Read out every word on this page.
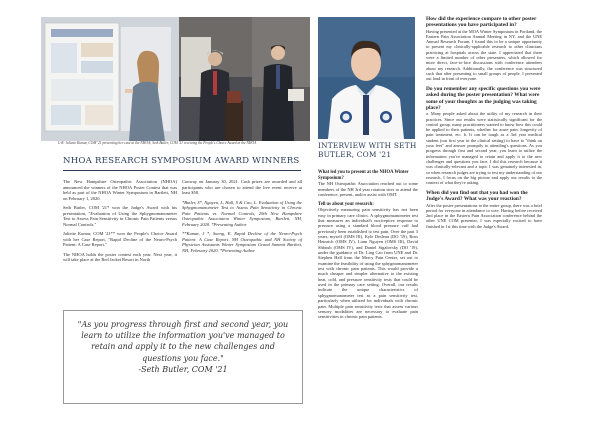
L-R: Juliette Kumar, COM '21 presenting her case at the NHOA; Seth Butler, COM '21 receiving the People's Choice Award at the NHOA
NHOA RESEARCH SYMPOSIUM AWARD WINNERS

The New Hampshire Osteopathic Association (NHOA) announced the winners of the NHOA Poster Contest that was held as part of the NHOA Winter Symposium in Bartlett, NH on February 1, 2020.

Seth Butler, COM '21* won the Judge's Award with his presentation, "Evaluation of Using the Sphygmomanometer Test to Assess Pain Sensitivity in Chronic Pain Patients versus Normal Controls."

Juliette Kumar, COM '21** won the People's Choice Award with her Case Report, "Rapid Decline of the Neuro-Psych Patient: A Case Report."

The NHOA holds the poster contest each year. Next year, it will take place at the Red Jacket Resort in North

Conway on January 30, 2021. Cash prizes are awarded and all participants who are chosen to attend the live event receive at least $50.

*Butler, S*, Nguyen, L, Hall, S & Cao, L. Evaluation of Using the Sphygmomanometer Test to Assess Pain Sensitivity in Chronic Pain Patients vs. Normal Controls, 29th New Hampshire Osteopathic Association Winter Symposium, Bartlett, NH, February 2020. *Presenting Author

**Kumar, J *, Saeng, E. Rapid Decline of the Neuro-Psych Patient: A Case Report. NH Osteopathic and NH Society of Physician Assistants Winter Symposium Grand Summit Bartlett, NH, February 2020. *Presenting Author

"As you progress through first and second year, you learn to utilize the information you've managed to retain and apply it to the new challenges and questions you face."
-Seth Butler, COM '21
INTERVIEW WITH SETH BUTLER, COM '21
What led you to present at the NHOA Winter Symposium?
The NH Osteopathic Association reached out to some members of the NH 3rd year rotation sites to attend the conference, present, and/or assist with OMT.
Tell us about your research:
Objectively measuring pain sensitivity has not been easy in primary care clinics. A sphygmomanometer test that measures an individual's nociceptive response to pressure using a standard blood pressure cuff had previously been established to test pain. Over the past 3 years, myself (OMS III), Kyle Desleau (DO '19), Ross Heinrich (OMS IV), Liam Nguyen (OMS III), David Shboub (OMS IV), and Daniel Sigalovsky (DO '19), under the guidance of Dr. Ling Cao from UNE and Dr. Stephen Hall from the Mercy Pain Center, set out to examine the feasibility of using the sphygmomanometer test with chronic pain patients. This would provide a much cheaper and simpler alternative to the existing heat, cold, and pressure sensitivity tests that could be used in the primary care setting. Overall, our results indicate the unique characteristics of sphygmomanometer test as a pain sensitivity test, particularly when utilized for individuals with chronic pain. Multiple pain sensitivity tests that assess various sensory modalities are necessary to evaluate pain sensitivities in chronic pain patients.
How did the experience compare to other poster presentations you have participated in?
Having presented at the MOA Winter Symposium in Portland, the Eastern Pain Association Annual Meeting in NY, and the UNE Annual Research Forum, I found this to be a unique opportunity to present my clinically-applicable research to other clinicians practicing at hospitals across the state. I appreciated that there were a limited number of other presenters, which allowed for more direct, face-to-face discussions with conference attendees about my research. Additionally, the conference was structured such that after presenting to small groups of people, I presented out loud in front of everyone.
Do you remember any specific questions you were asked during the poster presentation? What were some of your thoughts as the judging was taking place?
a. Many people asked about the utility of my research in their practices. Since our results were statistically significant for the control group, many practitioners wanted to know how this could be applied to their patients, whether for acute pain, longevity of pain treatment, etc. b. It can be tough as a 3rd year medical student (our first year in the clinical setting) to have to "think on your feet" and answer promptly to attending's questions. As you progress through first and second year, you learn to utilize the information you've managed to retain and apply it to the new challenges and questions you face. I did this research because it was clinically-relevant and a topic I was genuinely interested in, so when research judges are trying to test my understanding of our research, I focus on the big picture and apply our results to the context of what they're asking.
When did you find out that you had won the Judge's Award? What was your reaction?
After the poster presentations to the entire group, there was a brief period for everyone in attendance to vote. Having before received 2nd place in the Eastern Pain Association conference behind the other UNE COM presenter, I was especially excited to have finished in 1st this time with the Judge's Award.
